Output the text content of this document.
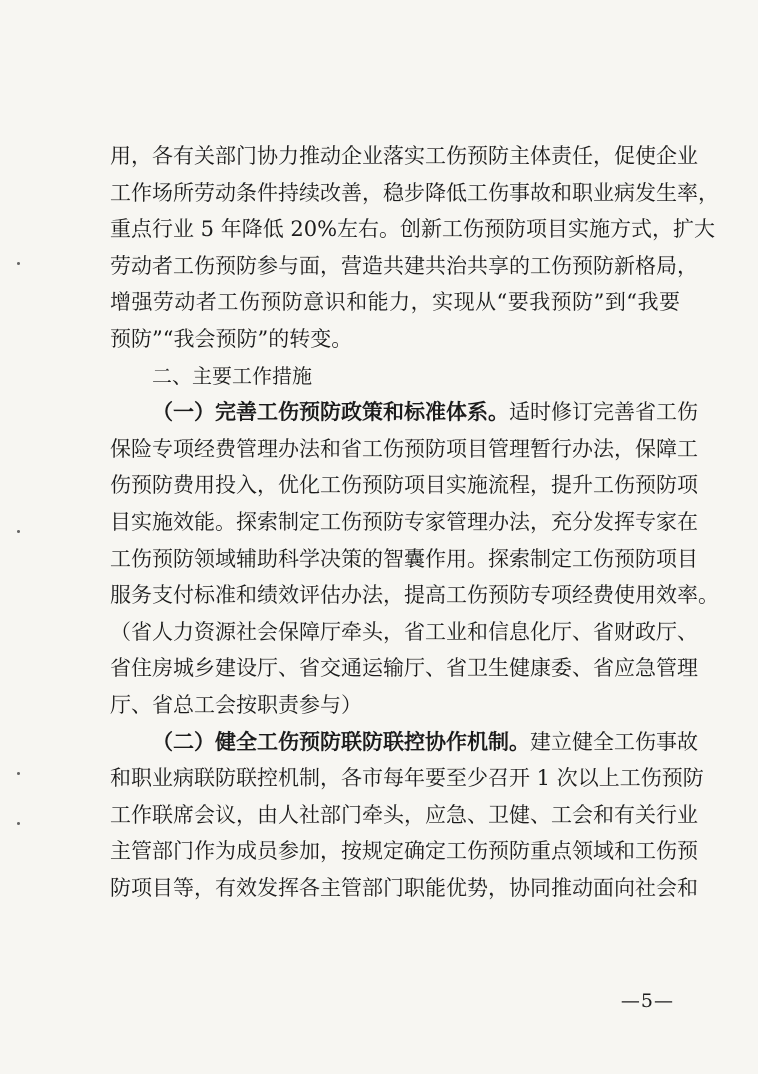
用，各有关部门协力推动企业落实工伤预防主体责任，促使企业
工作场所劳动条件持续改善，稳步降低工伤事故和职业病发生率，
重点行业 5 年降低 20%左右。创新工伤预防项目实施方式，扩大
劳动者工伤预防参与面，营造共建共治共享的工伤预防新格局，
增强劳动者工伤预防意识和能力，实现从“要我预防”到“我要
预防”“我会预防”的转变。
二、主要工作措施
（一）完善工伤预防政策和标准体系。适时修订完善省工伤
保险专项经费管理办法和省工伤预防项目管理暂行办法，保障工
伤预防费用投入，优化工伤预防项目实施流程，提升工伤预防项
目实施效能。探索制定工伤预防专家管理办法，充分发挥专家在
工伤预防领域辅助科学决策的智囊作用。探索制定工伤预防项目
服务支付标准和绩效评估办法，提高工伤预防专项经费使用效率。
（省人力资源社会保障厅牵头，省工业和信息化厅、省财政厅、
省住房城乡建设厅、省交通运输厅、省卫生健康委、省应急管理
厅、省总工会按职责参与）
（二）健全工伤预防联防联控协作机制。建立健全工伤事故
和职业病联防联控机制，各市每年要至少召开 1 次以上工伤预防
工作联席会议，由人社部门牵头，应急、卫健、工会和有关行业
主管部门作为成员参加，按规定确定工伤预防重点领域和工伤预
防项目等，有效发挥各主管部门职能优势，协同推动面向社会和
—5—
